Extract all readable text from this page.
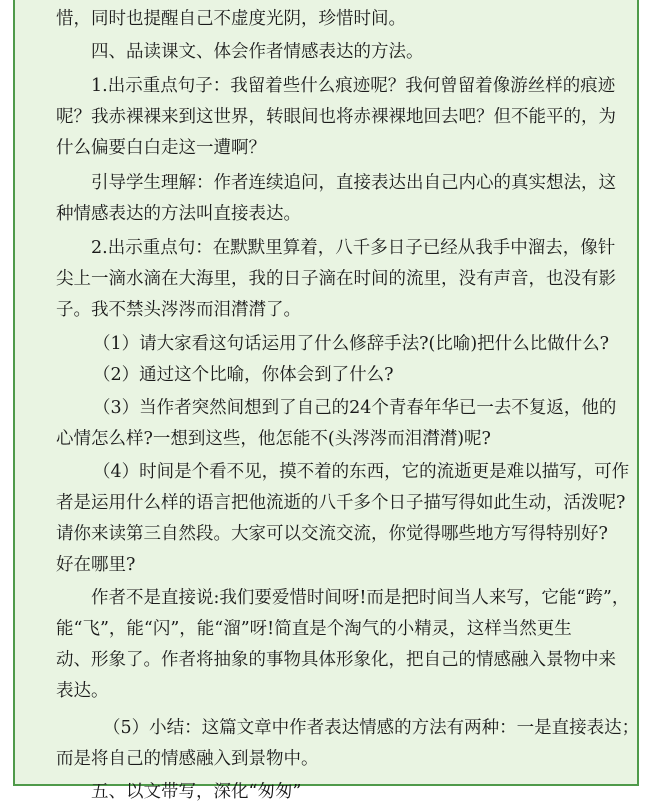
惜，同时也提醒自己不虚度光阴，珍惜时间。

四、品读课文、体会作者情感表达的方法。

1.出示重点句子：我留着些什么痕迹呢？我何曾留着像游丝样的痕迹
呢？我赤裸裸来到这世界，转眼间也将赤裸裸地回去吧？但不能平的，为
什么偏要白白走这一遭啊？

引导学生理解：作者连续追问，直接表达出自己内心的真实想法，这
种情感表达的方法叫直接表达。

2.出示重点句：在默默里算着，八千多日子已经从我手中溜去，像针
尖上一滴水滴在大海里，我的日子滴在时间的流里，没有声音，也没有影
子。我不禁头涔涔而泪潸潸了。

（1）请大家看这句话运用了什么修辞手法?(比喻)把什么比做什么?

（2）通过这个比喻，你体会到了什么?

（3）当作者突然间想到了自己的24个青春年华已一去不复返，他的
心情怎么样?一想到这些，他怎能不(头涔涔而泪潸潸)呢?

（4）时间是个看不见，摸不着的东西，它的流逝更是难以描写，可作
者是运用什么样的语言把他流逝的八千多个日子描写得如此生动，活泼呢?
请你来读第三自然段。大家可以交流交流，你觉得哪些地方写得特别好?
好在哪里?

作者不是直接说:我们要爱惜时间呀!而是把时间当人来写，它能“跨”，
能“飞”，能“闪”，能“溜”呀!简直是个淘气的小精灵，这样当然更生
动、形象了。作者将抽象的事物具体形象化，把自己的情感融入景物中来
表达。

（5）小结：这篇文章中作者表达情感的方法有两种：一是直接表达；
而是将自己的情感融入到景物中。

五、以文带写，深化“匆匆”
